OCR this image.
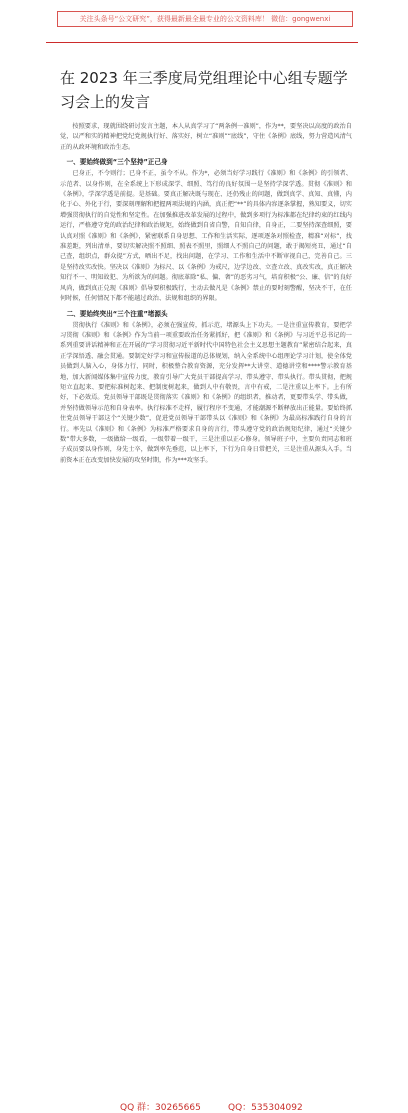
关注头条号“公文研究”，获得最新最全最专业的公文资料库！ 微信：gongwenxi
在 2023 年三季度局党组理论中心组专题学习会上的发言

按照要求，现就围绕研讨发言主题，本人从真学习了“两条例一准则”，作为**，要坚决以高度的政治自觉，以严和实的精神把党纪党规执行好、落实好，树立“准则”“底线”，守住《条例》底线，努力营造风清气正的从政环境和政治生态。

一、要始终做到“三个坚持”正己身

已身正，不令则行；已身不正，虽令不从。作为*，必须当好学习践行《准则》和《条例》的引领者、示范者、以身作则，在全系统上下形成深学、细照、笃行的良好氛围一是坚持学深学透。贯彻《准则》和《条例》，学深学透是前提。是基础。要真正解决既与现在、还仍残止的问题，做到真学、真知、真懂，内化于心、外化于行，要深刻理解和把握两项法规的内涵，真正把“**”的具体内容逐条掌握，熟知要义，切实增强贯彻执行的自觉性和坚定性。在加强推进改革发展的过程中，做到多项行为标准都在纪律约束的红线内运行，严格遵守党的政治纪律和政治规矩，始终做到自省自警，自知自律，自身正，二要坚持深查细照，要认真对照《准则》和《条例》，紧密联系自身思想、工作和生活实际，逐项逐条对照检查，精准“对标”，找准差距，列出清单，要切实解决照不照细、照表不照里，照细人不照自己的问题，敢于揭短亮丑，通过“自己查，组织点，群众提”方式，晒出不足，找出问题，在学习、工作和生活中不断审视自己，完善自己。三是坚持改实改快。坚决以《准则》为标尺、以《条例》为戒尺，边学边改、立查立改、真改实改，真正解决知行不一、明知故犯、为所欲为的问题。彻底革除“私、偏、奢”的恶劣习气，培育积极“公、廉、信”的良好风尚，做到真正兑现《准则》倡导要积极践行，主动去做凡是《条例》禁止的要时刻警醒，坚决不干，在任何时候，任何情况下都不能越过政治、法规和组织的界限。

二、要始终突出“三个注重”堵源头

贯彻执行《准则》和《条例》，必须在强宣传，抓示范，堵源头上下功夫。一是注重宣传教育，要把学习贯彻《准则》和《条例》作为当前一项重要政治任务紧抓好，把《准则》和《条例》与习近平总书记的一系列重要讲话精神和正在开展的“学习贯彻习近平新时代中国特色社会主义思想主题教育”紧密结合起来，真正学深悟透、融会贯通。要制定好学习和宣传报道的总体规划，纳入全系统中心组理论学习计划，使全体党员做到人脑入心，身体力行，同时，积极整合教育资源，充分发挥**大讲堂、道德讲堂和****警示教育基地，加大新闻媒体集中宣传力度，教育引导广大党员干部提高学习、带头遵守、带头执行。带头贯彻，把规矩立直起来、要把标准树起来、把制度树起来，做到人中有敬畏，言中有戒，二是注重以上率下。上有所好，下必效焉。党员领导干部既是贯彻落实《准则》和《条例》的组织者，推动者，更要带头学、带头做，并坚持做领导示范和自身表率。执行标准不走样，履行程序不变通，才能潮源不断释放出正能量。要始终抓住党员领导干部这个“关键少数”，促进党员领导干部带头以《准则》和《条例》为最高标准践行自身的言行。率先以《准则》和《条例》为标准严格要求自身的言行，带头遵守党的政治规矩纪律，通过“关键少数”带大多数，一级做给一级看，一级带着一级干，三是注重以正心修身。领导班子中，主要负责同志和班子成员要以身作则，身先士卒，做到率先垂范，以上率下，下行为自身日常把关，三是注重从源头入手。当前资本正在改变加快发展的攻坚时期，作为***攻坚手。

QQ 群：30265665	QQ：535304092
